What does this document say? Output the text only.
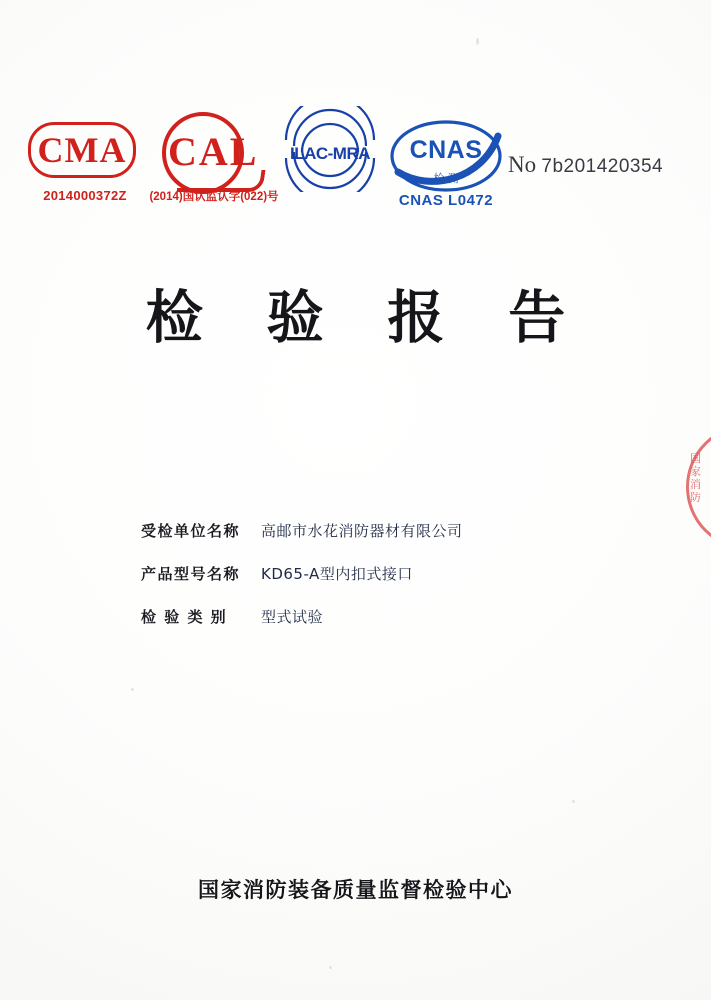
CMA
2014000372Z
CAL
(2014)国认监认字(022)号
ILAC-MRA	CNAS
检 测
CNAS L0472
No 7b201420354
检 验 报 告
受检单位名称	高邮市水花消防器材有限公司
产品型号名称	KD65-A型内扣式接口
检 验 类 别	型式试验
国家消防
国家消防装备质量监督检验中心
